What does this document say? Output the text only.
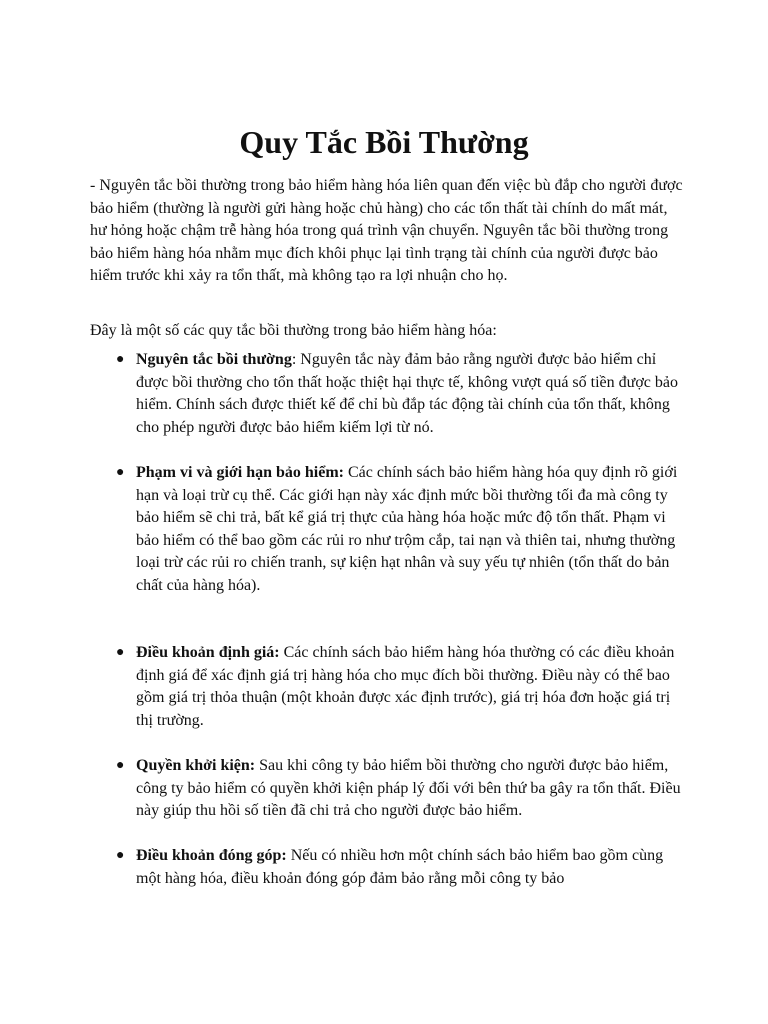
Quy Tắc Bồi Thường

- Nguyên tắc bồi thường trong bảo hiểm hàng hóa liên quan đến việc bù đắp cho người được bảo hiểm (thường là người gửi hàng hoặc chủ hàng) cho các tổn thất tài chính do mất mát, hư hỏng hoặc chậm trễ hàng hóa trong quá trình vận chuyển. Nguyên tắc bồi thường trong bảo hiểm hàng hóa nhằm mục đích khôi phục lại tình trạng tài chính của người được bảo hiểm trước khi xảy ra tổn thất, mà không tạo ra lợi nhuận cho họ.

Đây là một số các quy tắc bồi thường trong bảo hiểm hàng hóa:

● Nguyên tắc bồi thường: Nguyên tắc này đảm bảo rằng người được bảo hiểm chỉ được bồi thường cho tổn thất hoặc thiệt hại thực tế, không vượt quá số tiền được bảo hiểm. Chính sách được thiết kế để chỉ bù đắp tác động tài chính của tổn thất, không cho phép người được bảo hiểm kiếm lợi từ nó.
● Phạm vi và giới hạn bảo hiểm: Các chính sách bảo hiểm hàng hóa quy định rõ giới hạn và loại trừ cụ thể. Các giới hạn này xác định mức bồi thường tối đa mà công ty bảo hiểm sẽ chi trả, bất kể giá trị thực của hàng hóa hoặc mức độ tổn thất. Phạm vi bảo hiểm có thể bao gồm các rủi ro như trộm cắp, tai nạn và thiên tai, nhưng thường loại trừ các rủi ro chiến tranh, sự kiện hạt nhân và suy yếu tự nhiên (tổn thất do bản chất của hàng hóa).
● Điều khoản định giá: Các chính sách bảo hiểm hàng hóa thường có các điều khoản định giá để xác định giá trị hàng hóa cho mục đích bồi thường. Điều này có thể bao gồm giá trị thỏa thuận (một khoản được xác định trước), giá trị hóa đơn hoặc giá trị thị trường.
● Quyền khởi kiện: Sau khi công ty bảo hiểm bồi thường cho người được bảo hiểm, công ty bảo hiểm có quyền khởi kiện pháp lý đối với bên thứ ba gây ra tổn thất. Điều này giúp thu hồi số tiền đã chi trả cho người được bảo hiểm.
● Điều khoản đóng góp: Nếu có nhiều hơn một chính sách bảo hiểm bao gồm cùng một hàng hóa, điều khoản đóng góp đảm bảo rằng mỗi công ty bảo
